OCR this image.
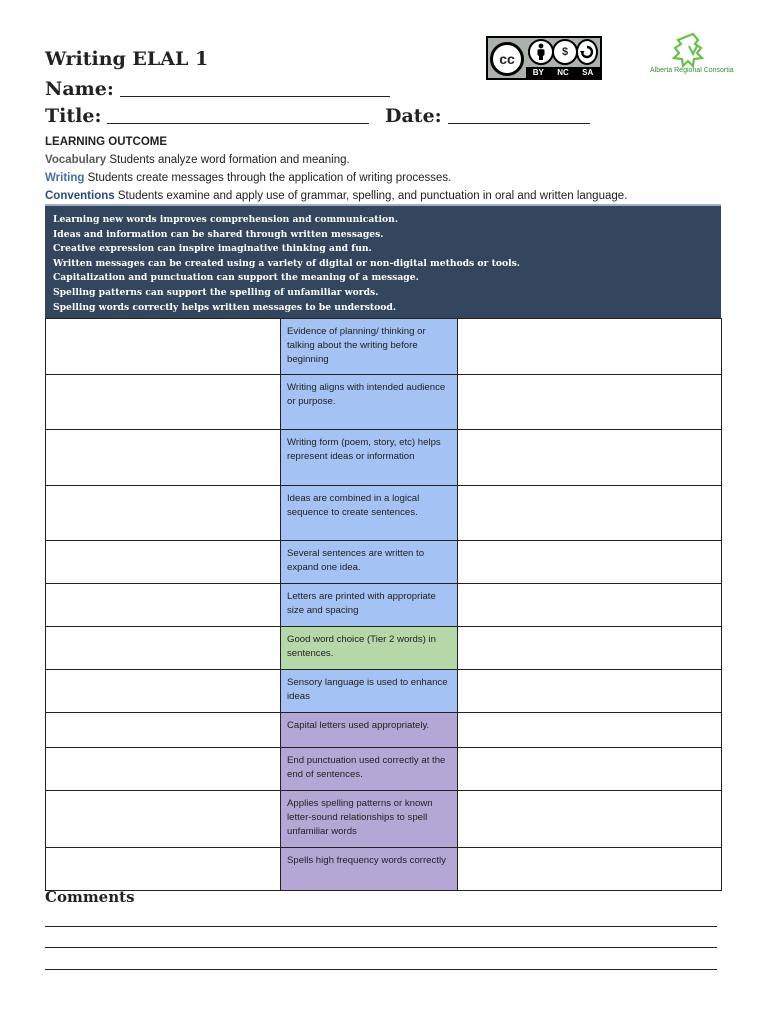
Writing ELAL 1
Name:
Title:	Date:
cc	$
BY NC SA	Alberta Regional Consortia
LEARNING OUTCOME
Vocabulary Students analyze word formation and meaning.
Writing Students create messages through the application of writing processes.
Conventions Students examine and apply use of grammar, spelling, and punctuation in oral and written language.
Learning new words improves comprehension and communication.
Ideas and information can be shared through written messages.
Creative expression can inspire imaginative thinking and fun.
Written messages can be created using a variety of digital or non-digital methods or tools.
Capitalization and punctuation can support the meaning of a message.
Spelling patterns can support the spelling of unfamiliar words.
Spelling words correctly helps written messages to be understood.
Evidence of planning/ thinking or talking about the writing before beginning
Writing aligns with intended audience or purpose.
Writing form (poem, story, etc) helps represent ideas or information
Ideas are combined in a logical sequence to create sentences.
Several sentences are written to expand one idea.
Letters are printed with appropriate size and spacing
Good word choice (Tier 2 words) in sentences.
Sensory language is used to enhance ideas
Capital letters used appropriately.
End punctuation used correctly at the end of sentences.
Applies spelling patterns or known letter-sound relationships to spell unfamiliar words
Spells high frequency words correctly
Comments
